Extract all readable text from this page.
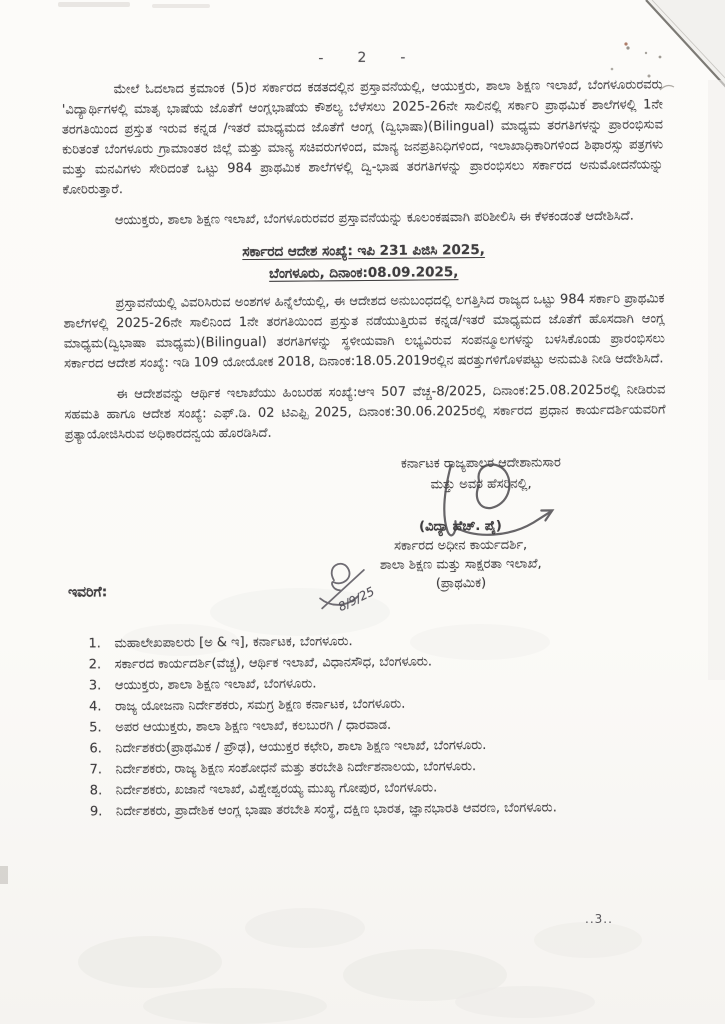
- 2 -

ಮೇಲೆ ಓದಲಾದ ಕ್ರಮಾಂಕ (5)ರ ಸರ್ಕಾರದ ಕಡತದಲ್ಲಿನ ಪ್ರಸ್ತಾವನೆಯಲ್ಲಿ, ಆಯುಕ್ತರು, ಶಾಲಾ ಶಿಕ್ಷಣ ಇಲಾಖೆ, ಬೆಂಗಳೂರುರವರು 'ವಿದ್ಯಾರ್ಥಿಗಳಲ್ಲಿ ಮಾತೃ ಭಾಷೆಯ ಜೊತೆಗೆ ಆಂಗ್ಲಭಾಷೆಯ ಕೌಶಲ್ಯ ಬೆಳೆಸಲು 2025-26ನೇ ಸಾಲಿನಲ್ಲಿ ಸರ್ಕಾರಿ ಪ್ರಾಥಮಿಕ ಶಾಲೆಗಳಲ್ಲಿ 1ನೇ ತರಗತಿಯಿಂದ ಪ್ರಸ್ತುತ ಇರುವ ಕನ್ನಡ /ಇತರೆ ಮಾಧ್ಯಮದ ಜೊತೆಗೆ ಆಂಗ್ಲ (ದ್ವಿಭಾಷಾ)(Bilingual) ಮಾಧ್ಯಮ ತರಗತಿಗಳನ್ನು ಪ್ರಾರಂಭಿಸುವ ಕುರಿತಂತೆ ಬೆಂಗಳೂರು ಗ್ರಾಮಾಂತರ ಜಿಲ್ಲೆ ಮತ್ತು ಮಾನ್ಯ ಸಚಿವರುಗಳಿಂದ, ಮಾನ್ಯ ಜನಪ್ರತಿನಿಧಿಗಳಿಂದ, ಇಲಾಖಾಧಿಕಾರಿಗಳಿಂದ ಶಿಫಾರಸ್ಸು ಪತ್ರಗಳು ಮತ್ತು ಮನವಿಗಳು ಸೇರಿದಂತೆ ಒಟ್ಟು 984 ಪ್ರಾಥಮಿಕ ಶಾಲೆಗಳಲ್ಲಿ ದ್ವಿ-ಭಾಷ ತರಗತಿಗಳನ್ನು ಪ್ರಾರಂಭಿಸಲು ಸರ್ಕಾರದ ಅನುಮೋದನೆಯನ್ನು ಕೋರಿರುತ್ತಾರೆ.

ಆಯುಕ್ತರು, ಶಾಲಾ ಶಿಕ್ಷಣ ಇಲಾಖೆ, ಬೆಂಗಳೂರುರವರ ಪ್ರಸ್ತಾವನೆಯನ್ನು ಕೂಲಂಕಷವಾಗಿ ಪರಿಶೀಲಿಸಿ ಈ ಕೆಳಕಂಡಂತೆ ಆದೇಶಿಸಿದೆ.

ಸರ್ಕಾರದ ಆದೇಶ ಸಂಖ್ಯೆ: ಇಪಿ 231 ಪಿಜಿಸಿ 2025,
ಬೆಂಗಳೂರು, ದಿನಾಂಕ:08.09.2025,

ಪ್ರಸ್ತಾವನೆಯಲ್ಲಿ ವಿವರಿಸಿರುವ ಅಂಶಗಳ ಹಿನ್ನೆಲೆಯಲ್ಲಿ, ಈ ಆದೇಶದ ಅನುಬಂಧದಲ್ಲಿ ಲಗತ್ತಿಸಿದ ರಾಜ್ಯದ ಒಟ್ಟು 984 ಸರ್ಕಾರಿ ಪ್ರಾಥಮಿಕ ಶಾಲೆಗಳಲ್ಲಿ 2025-26ನೇ ಸಾಲಿನಿಂದ 1ನೇ ತರಗತಿಯಿಂದ ಪ್ರಸ್ತುತ ನಡೆಯುತ್ತಿರುವ ಕನ್ನಡ/ಇತರೆ ಮಾಧ್ಯಮದ ಜೊತೆಗೆ ಹೊಸದಾಗಿ ಆಂಗ್ಲ ಮಾಧ್ಯಮ(ದ್ವಿಭಾಷಾ ಮಾಧ್ಯಮ)(Bilingual) ತರಗತಿಗಳನ್ನು ಸ್ಥಳೀಯವಾಗಿ ಲಭ್ಯವಿರುವ ಸಂಪನ್ಮೂಲಗಳನ್ನು ಬಳಸಿಕೊಂಡು ಪ್ರಾರಂಭಿಸಲು ಸರ್ಕಾರದ ಆದೇಶ ಸಂಖ್ಯೆ: ಇಡಿ 109 ಯೋಯೋಕ 2018, ದಿನಾಂಕ:18.05.2019ರಲ್ಲಿನ ಷರತ್ತುಗಳಿಗೊಳಪಟ್ಟು ಅನುಮತಿ ನೀಡಿ ಆದೇಶಿಸಿದೆ.

ಈ ಆದೇಶವನ್ನು ಆರ್ಥಿಕ ಇಲಾಖೆಯು ಹಿಂಬರಹ ಸಂಖ್ಯೆ:ಆಇ 507 ವೆಚ್ಚ-8/2025, ದಿನಾಂಕ:25.08.2025ರಲ್ಲಿ ನೀಡಿರುವ ಸಹಮತಿ ಹಾಗೂ ಆದೇಶ ಸಂಖ್ಯೆ: ಎಫ್.ಡಿ. 02 ಟಿಎಫ್ಪಿ 2025, ದಿನಾಂಕ:30.06.2025ರಲ್ಲಿ ಸರ್ಕಾರದ ಪ್ರಧಾನ ಕಾರ್ಯದರ್ಶಿಯವರಿಗೆ ಪ್ರತ್ಯಾಯೋಜಿಸಿರುವ ಅಧಿಕಾರದನ್ವಯ ಹೊರಡಿಸಿದೆ.

ಕರ್ನಾಟಕ ರಾಜ್ಯಪಾಲರ ಆದೇಶಾನುಸಾರ
ಮತ್ತು ಅವರ ಹೆಸರಿನಲ್ಲಿ,
(ವಿದ್ಯಾ ಹೆಚ್. ಪೈ)
ಸರ್ಕಾರದ ಅಧೀನ ಕಾರ್ಯದರ್ಶಿ,
ಶಾಲಾ ಶಿಕ್ಷಣ ಮತ್ತು ಸಾಕ್ಷರತಾ ಇಲಾಖೆ,
(ಪ್ರಾಥಮಿಕ)
8/9/25
ಇವರಿಗೆ:
1.	ಮಹಾಲೇಖಪಾಲರು [ಅ & ಇ], ಕರ್ನಾಟಕ, ಬೆಂಗಳೂರು.
2.	ಸರ್ಕಾರದ ಕಾರ್ಯದರ್ಶಿ(ವೆಚ್ಚ), ಆರ್ಥಿಕ ಇಲಾಖೆ, ವಿಧಾನಸೌಧ, ಬೆಂಗಳೂರು.
3.	ಆಯುಕ್ತರು, ಶಾಲಾ ಶಿಕ್ಷಣ ಇಲಾಖೆ, ಬೆಂಗಳೂರು.
4.	ರಾಜ್ಯ ಯೋಜನಾ ನಿರ್ದೇಶಕರು, ಸಮಗ್ರ ಶಿಕ್ಷಣ ಕರ್ನಾಟಕ, ಬೆಂಗಳೂರು.
5.	ಅಪರ ಆಯುಕ್ತರು, ಶಾಲಾ ಶಿಕ್ಷಣ ಇಲಾಖೆ, ಕಲಬುರಗಿ / ಧಾರವಾಡ.
6.	ನಿರ್ದೇಶಕರು(ಪ್ರಾಥಮಿಕ / ಪ್ರೌಢ), ಆಯುಕ್ತರ ಕಛೇರಿ, ಶಾಲಾ ಶಿಕ್ಷಣ ಇಲಾಖೆ, ಬೆಂಗಳೂರು.
7.	ನಿರ್ದೇಶಕರು, ರಾಜ್ಯ ಶಿಕ್ಷಣ ಸಂಶೋಧನೆ ಮತ್ತು ತರಬೇತಿ ನಿರ್ದೇಶನಾಲಯ, ಬೆಂಗಳೂರು.
8.	ನಿರ್ದೇಶಕರು, ಖಜಾನೆ ಇಲಾಖೆ, ವಿಶ್ವೇಶ್ವರಯ್ಯ ಮುಖ್ಯ ಗೋಪುರ, ಬೆಂಗಳೂರು.
9.	ನಿರ್ದೇಶಕರು, ಪ್ರಾದೇಶಿಕ ಆಂಗ್ಲ ಭಾಷಾ ತರಬೇತಿ ಸಂಸ್ಥೆ, ದಕ್ಷಿಣ ಭಾರತ, ಜ್ಞಾನಭಾರತಿ ಆವರಣ, ಬೆಂಗಳೂರು.
..3..
